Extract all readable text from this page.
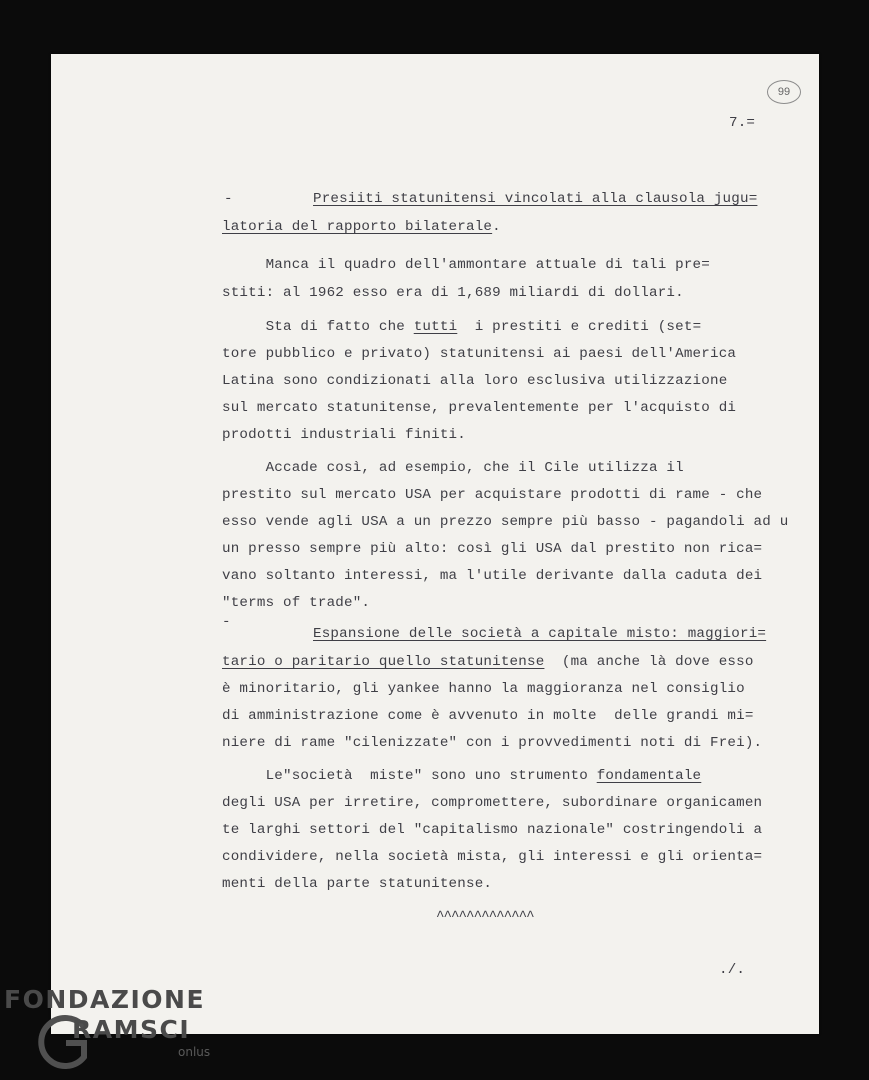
99
7.=
-	Presiiti statunitensi vincolati alla clausola jugu=
latoria del rapporto bilaterale.
Manca il quadro dell'ammontare attuale di tali pre=
stiti: al 1962 esso era di 1,689 miliardi di dollari.
Sta di fatto che tutti  i prestiti e crediti (set=
tore pubblico e privato) statunitensi ai paesi dell'America
Latina sono condizionati alla loro esclusiva utilizzazione
sul mercato statunitense, prevalentemente per l'acquisto di
prodotti industriali finiti.
Accade così, ad esempio, che il Cile utilizza il
prestito sul mercato USA per acquistare prodotti di rame - che
esso vende agli USA a un prezzo sempre più basso - pagandoli ad u
un presso sempre più alto: così gli USA dal prestito non rica=
vano soltanto interessi, ma l'utile derivante dalla caduta dei
"terms of trade".
-
Espansione delle società a capitale misto: maggiori=
tario o paritario quello statunitense  (ma anche là dove esso
è minoritario, gli yankee hanno la maggioranza nel consiglio
di amministrazione come è avvenuto in molte  delle grandi mi=
niere di rame "cilenizzate" con i provvedimenti noti di Frei).
Le"società  miste" sono uno strumento fondamentale
degli USA per irretire, compromettere, subordinare organicamen
te larghi settori del "capitalismo nazionale" costringendoli a
condividere, nella società mista, gli interessi e gli orienta=
menti della parte statunitense.
^^^^^^^^^^^^^
./.
FONDAZIONE
RAMSCI
onlus
